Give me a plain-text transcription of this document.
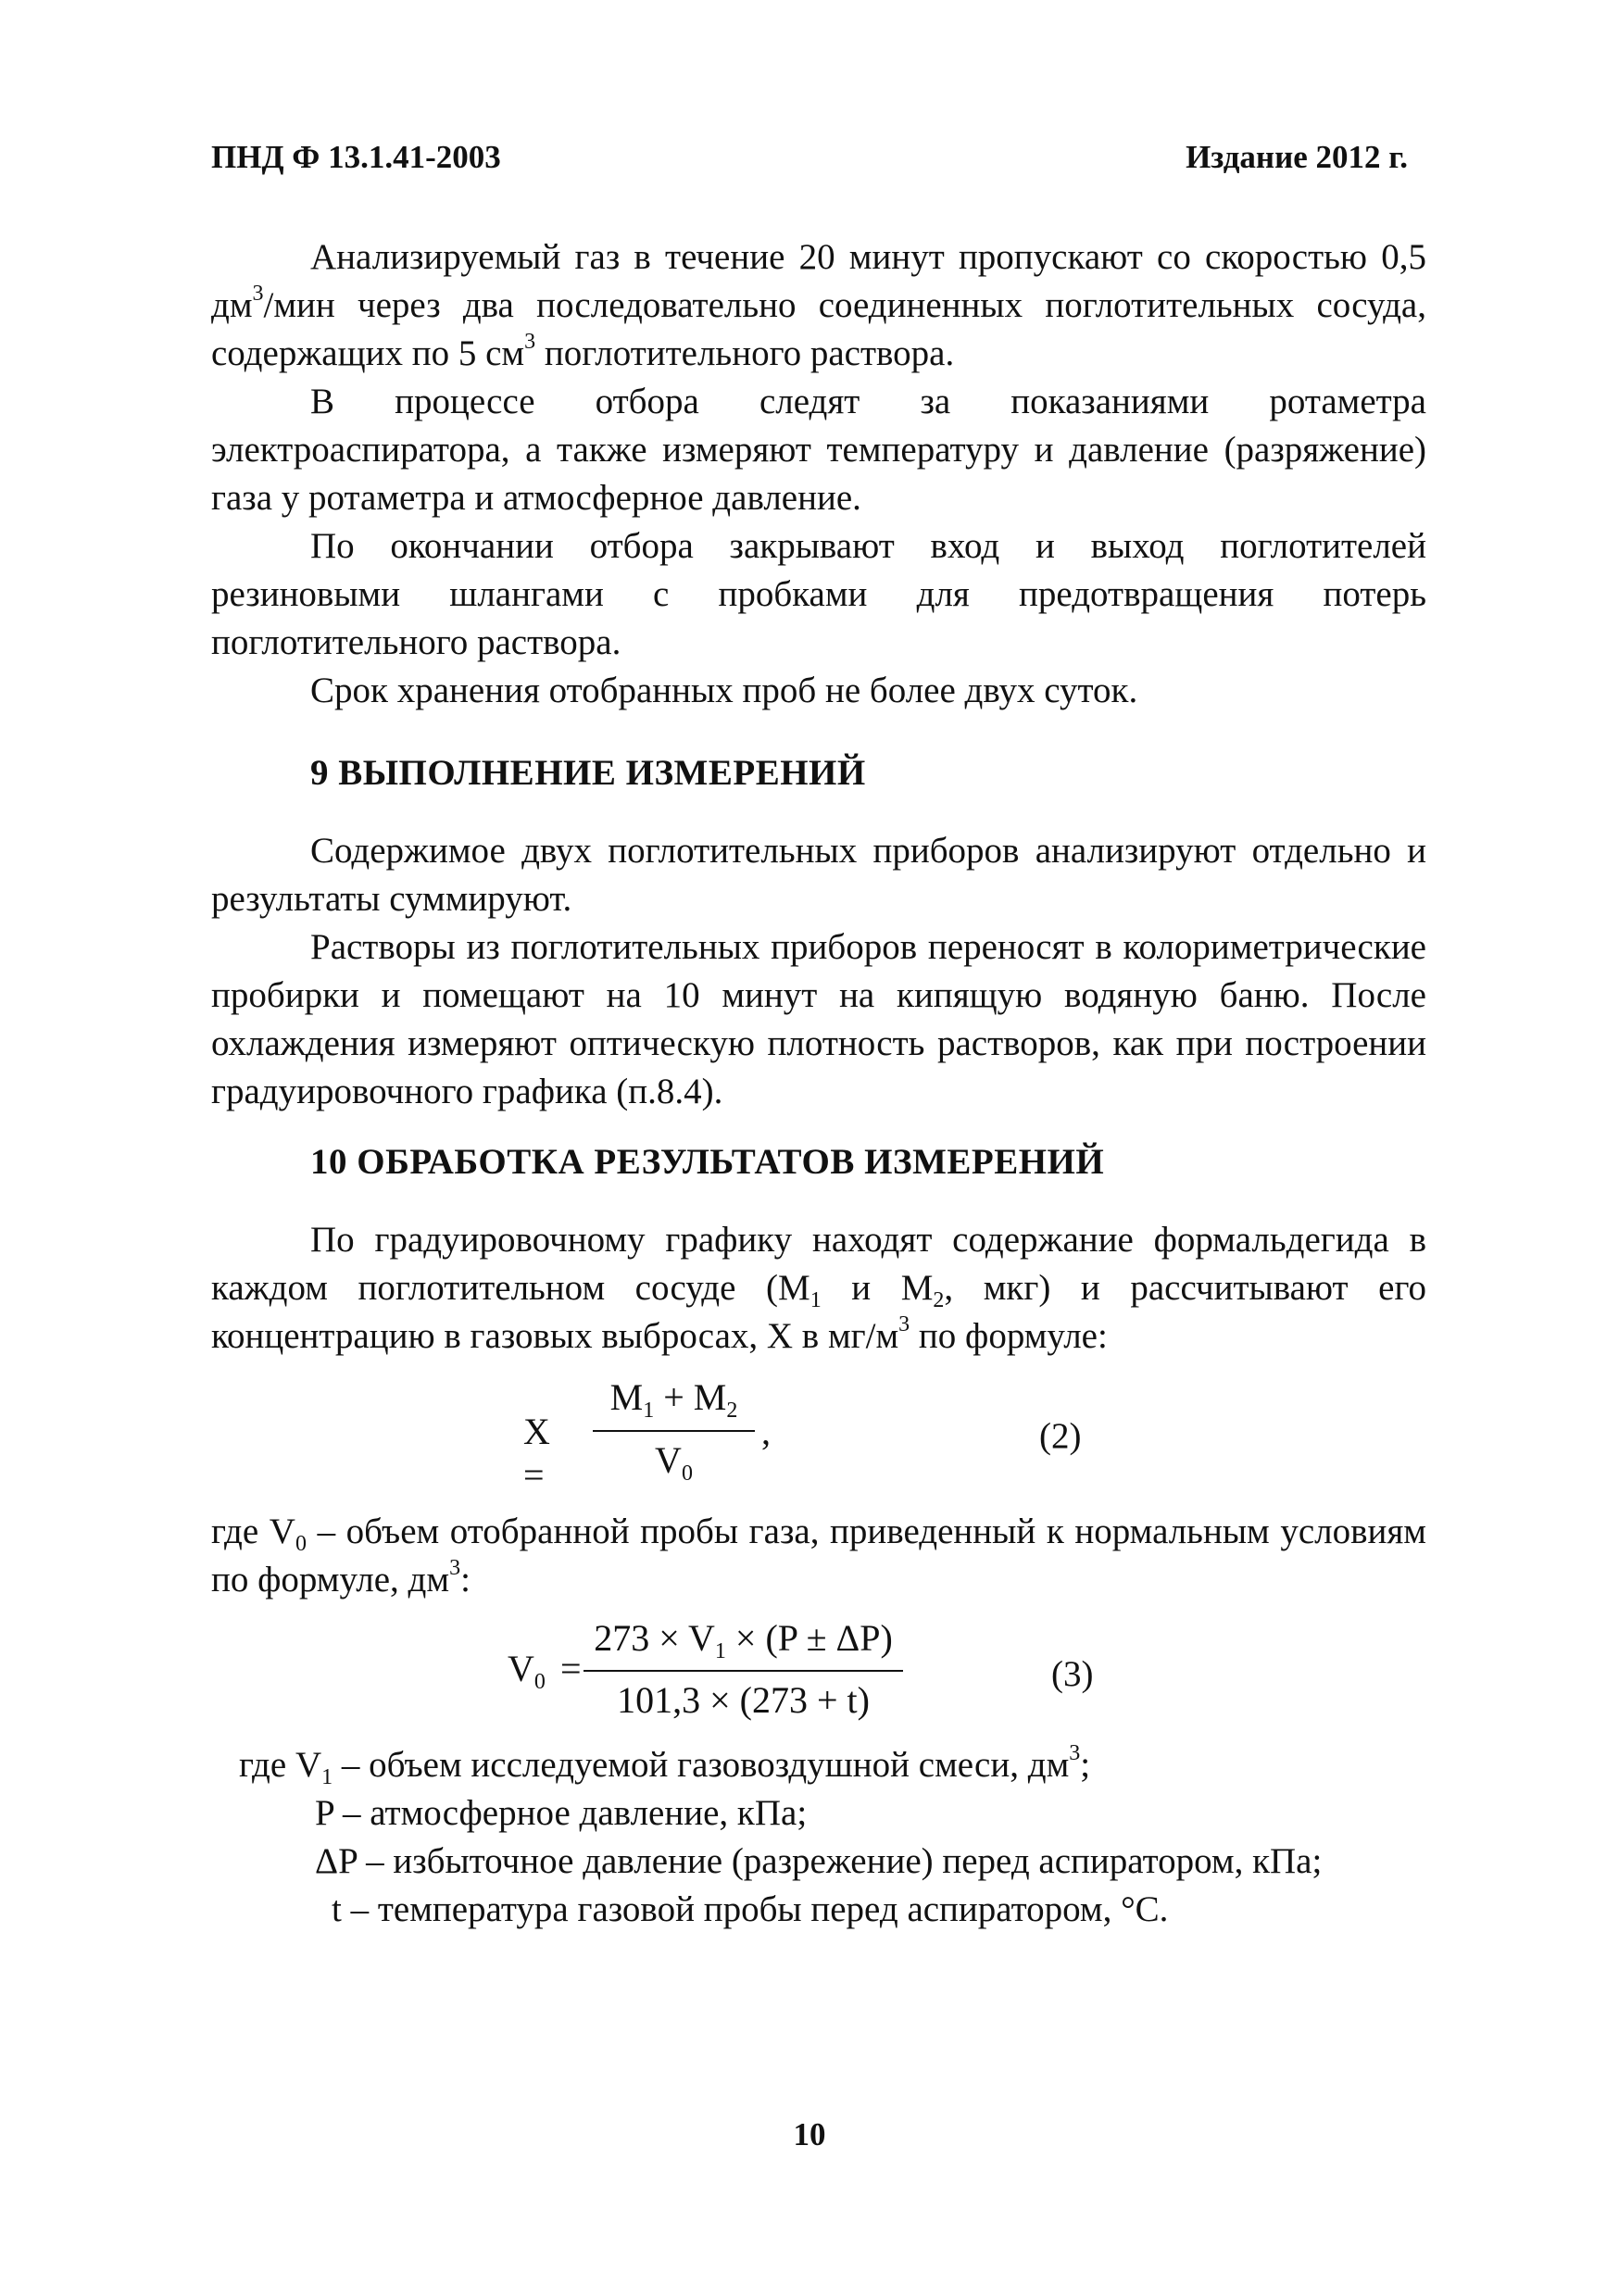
ПНД Ф 13.1.41-2003	Издание 2012 г.
Анализируемый газ в течение 20 минут пропускают со скоростью 0,5 $дм^3$/мин через два последовательно соединенных поглотительных сосуда, содержащих по 5 $см^3$ поглотительного раствора.
В процессе отбора следят за показаниями ротаметра электроаспиратора, а также измеряют температуру и давление (разряжение) газа у ротаметра и атмосферное давление.
По окончании отбора закрывают вход и выход поглотителей резиновыми шлангами с пробками для предотвращения потерь поглотительного раствора.
Срок хранения отобранных проб не более двух суток.
9 ВЫПОЛНЕНИЕ ИЗМЕРЕНИЙ
Содержимое двух поглотительных приборов анализируют отдельно и результаты суммируют.
Растворы из поглотительных приборов переносят в колориметрические пробирки и помещают на 10 минут на кипящую водяную баню. После охлаждения измеряют оптическую плотность растворов, как при построении градуировочного графика (п.8.4).
10 ОБРАБОТКА РЕЗУЛЬТАТОВ ИЗМЕРЕНИЙ
По градуировочному графику находят содержание формальдегида в каждом поглотительном сосуде ($M_1$ и $M_2$, мкг) и рассчитывают его концентрацию в газовых выбросах, X в $мг/м^3$ по формуле:
X =
$M_1 + M_2$
$V_0$
,	(2)
где $V_0$ – объем отобранной пробы газа, приведенный к нормальным условиям по формуле, $дм^3$:
$V_0$ =
$273 \times V_1 \times (P \pm \Delta P)$
101,3 × (273 + t)
(3)
где $V_1$ – объем исследуемой газовоздушной смеси, $дм^3$;
P – атмосферное давление, кПа;
ΔP – избыточное давление (разрежение) перед аспиратором, кПа;
t – температура газовой пробы перед аспиратором, °С.
10
